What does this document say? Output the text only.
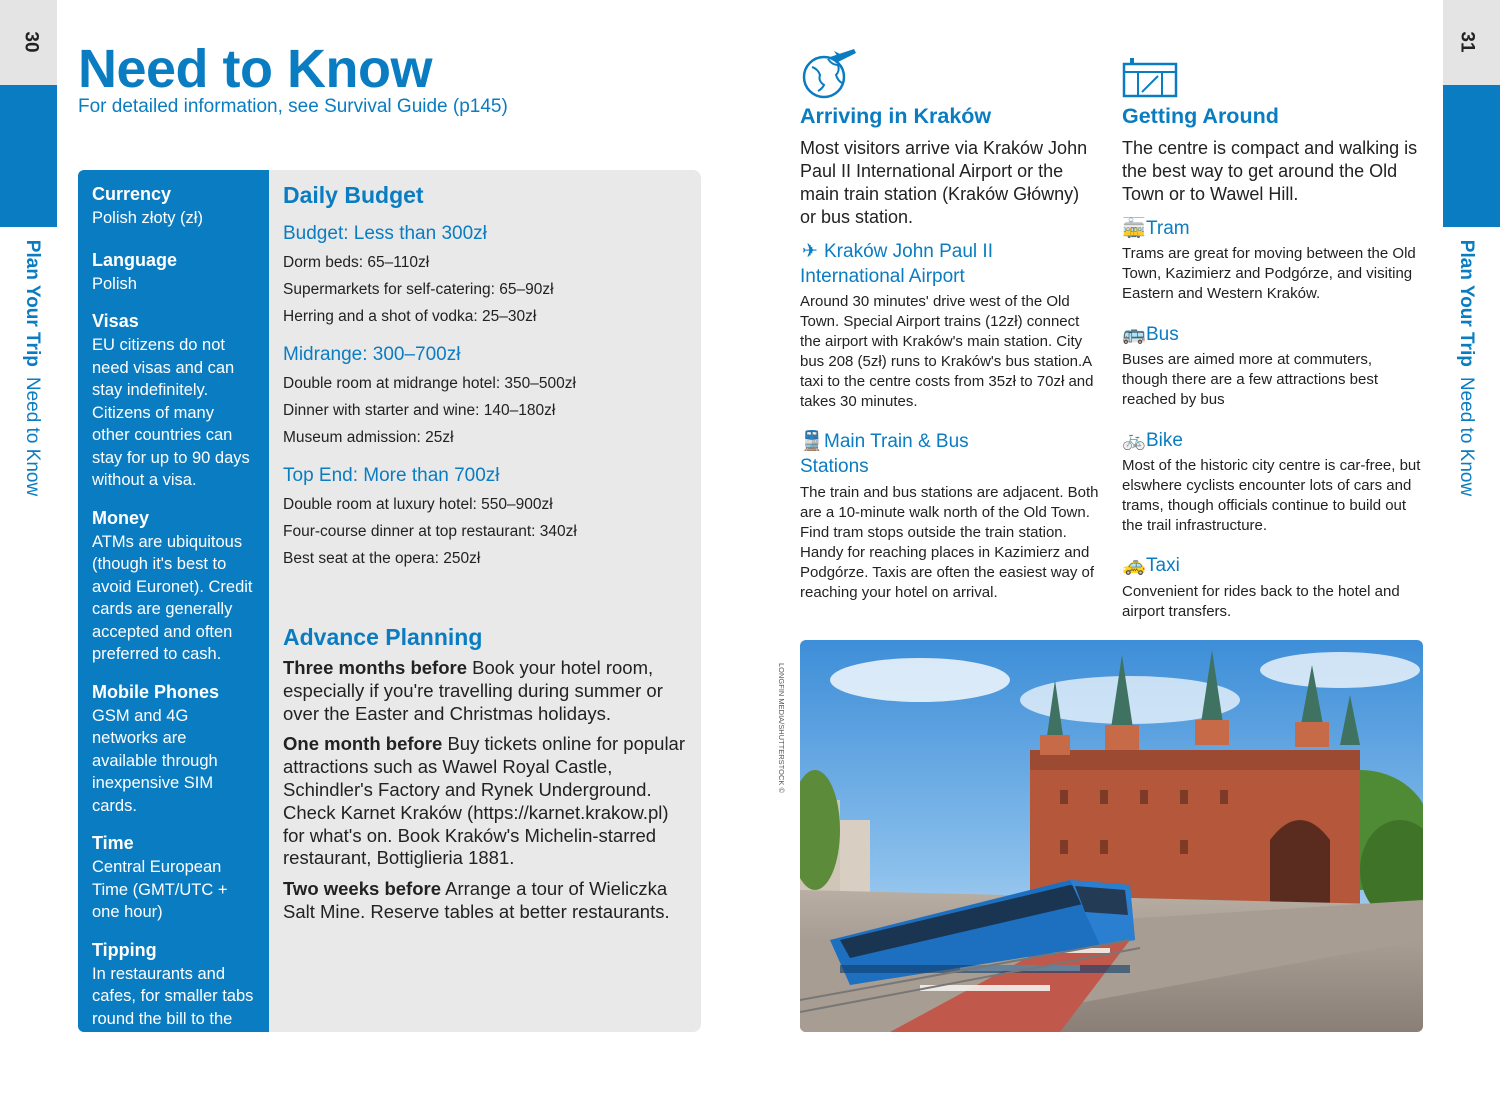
30
Plan Your TripNeed to Know
31
Plan Your TripNeed to Know
Need to Know
For detailed information, see Survival Guide (p145)
Currency
Polish złoty (zł)
Language
Polish
Visas
EU citizens do not need visas and can stay indefinitely. Citizens of many other countries can stay for up to 90 days without a visa.
Money
ATMs are ubiquitous (though it's best to avoid Euronet). Credit cards are generally accepted and often preferred to cash.
Mobile Phones
GSM and 4G networks are available through inexpensive SIM cards.
Time
Central European Time (GMT/UTC + one hour)
Tipping
In restaurants and cafes, for smaller tabs round the bill to the nearest 5zł or 10zł increment. Otherwise, 10% is standard.
Daily Budget
Budget: Less than 300zł
Dorm beds: 65–110zł
Supermarkets for self-catering: 65–90zł
Herring and a shot of vodka: 25–30zł
Midrange: 300–700zł
Double room at midrange hotel: 350–500zł
Dinner with starter and wine: 140–180zł
Museum admission: 25zł
Top End: More than 700zł
Double room at luxury hotel: 550–900zł
Four-course dinner at top restaurant: 340zł
Best seat at the opera: 250zł
Advance Planning

Three months before Book your hotel room, especially if you're travelling during summer or over the Easter and Christmas holidays.

One month before Buy tickets online for popular attractions such as Wawel Royal Castle, Schindler's Factory and Rynek Underground. Check Karnet Kraków (https://karnet.krakow.pl) for what's on. Book Kraków's Michelin-starred restaurant, Bottiglieria 1881.

Two weeks before Arrange a tour of Wieliczka Salt Mine. Reserve tables at better restaurants.

Arriving in Kraków
Most visitors arrive via Kraków John Paul II International Airport or the main train station (Kraków Główny) or bus station.
✈ Kraków John Paul II International Airport
Around 30 minutes' drive west of the Old Town. Special Airport trains (12zł) connect the airport with Kraków's main station. City bus 208 (5zł) runs to Kraków's bus station.A taxi to the centre costs from 35zł to 70zł and takes 30 minutes.
🚆Main Train & Bus Stations
The train and bus stations are adjacent. Both are a 10-minute walk north of the Old Town. Find tram stops outside the train station. Handy for reaching places in Kazimierz and Podgórze. Taxis are often the easiest way of reaching your hotel on arrival.
Getting Around
The centre is compact and walking is the best way to get around the Old Town or to Wawel Hill.
🚋Tram
Trams are great for moving between the Old Town, Kazimierz and Podgórze, and visiting Eastern and Western Kraków.
🚌Bus
Buses are aimed more at commuters, though there are a few attractions best reached by bus
🚲Bike
Most of the historic city centre is car-free, but elswhere cyclists encounter lots of cars and trams, though officials continue to build out the trail infrastructure.
🚕Taxi
Convenient for rides back to the hotel and airport transfers.
LONGFIN MEDIA/SHUTTERSTOCK ©
